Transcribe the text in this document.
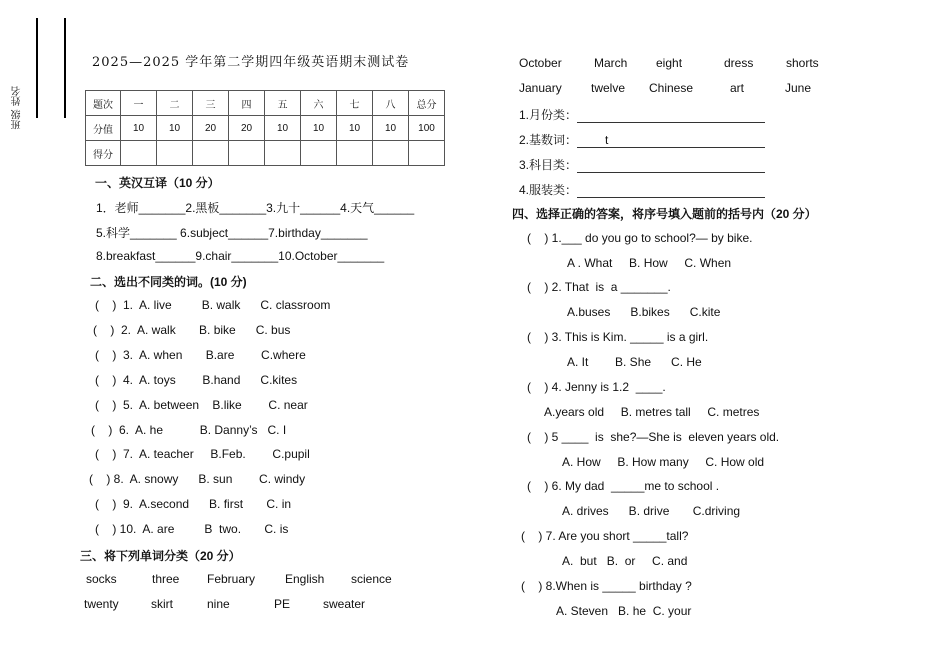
班级 姓名
2025—2025 学年第二学期四年级英语期末测试卷
题次	一	二	三	四	五	六	七	八	总分
分值	10	10	20	20	10	10	10	10	100
得分									
一、英汉互译（10 分）
1．老师_______2.黑板_______3.九十______4.天气______
5.科学_______ 6.subject______7.birthday_______
8.breakfast______9.chair_______10.October_______
二、选出不同类的词。(10 分)
(    )  1.  A. live         B. walk      C. classroom
(    )  2.  A. walk       B. bike      C. bus
(    )  3.  A. when       B.are        C.where
(    )  4.  A. toys        B.hand      C.kites
(    )  5.  A. between    B.like        C. near
(    )  6.  A. he           B. Danny’s   C. I
(    )  7.  A. teacher     B.Feb.        C.pupil
(    ) 8.  A. snowy      B. sun        C. windy
(    )  9.  A.second      B. first       C. in
(    ) 10.  A. are         B  two.       C. is
三、将下列单词分类（20 分）
socks	three February English science
twenty	skirt	nine	PE	sweater
October	March eight	dress	shorts
January twelve Chinese	art	June
1.月份类：
2.基数词： t
3.科目类：
4.服装类：
四、选择正确的答案，将序号填入题前的括号内（20 分）
(    ) 1.___ do you go to school?— by bike.
A . What     B. How     C. When
(    ) 2. That  is  a _______.
A.buses      B.bikes      C.kite
(    ) 3. This is Kim. _____ is a girl.
A. It        B. She      C. He
(    ) 4. Jenny is 1.2  ____.
A.years old     B. metres tall     C. metres
(    ) 5 ____  is  she?—She is  eleven years old.
A. How     B. How many     C. How old
(    ) 6. My dad  _____me to school .
A. drives      B. drive       C.driving
(    ) 7. Are you short _____tall?
A.  but   B.  or     C. and
(    ) 8.When is _____ birthday ?
A. Steven   B. he  C. your
